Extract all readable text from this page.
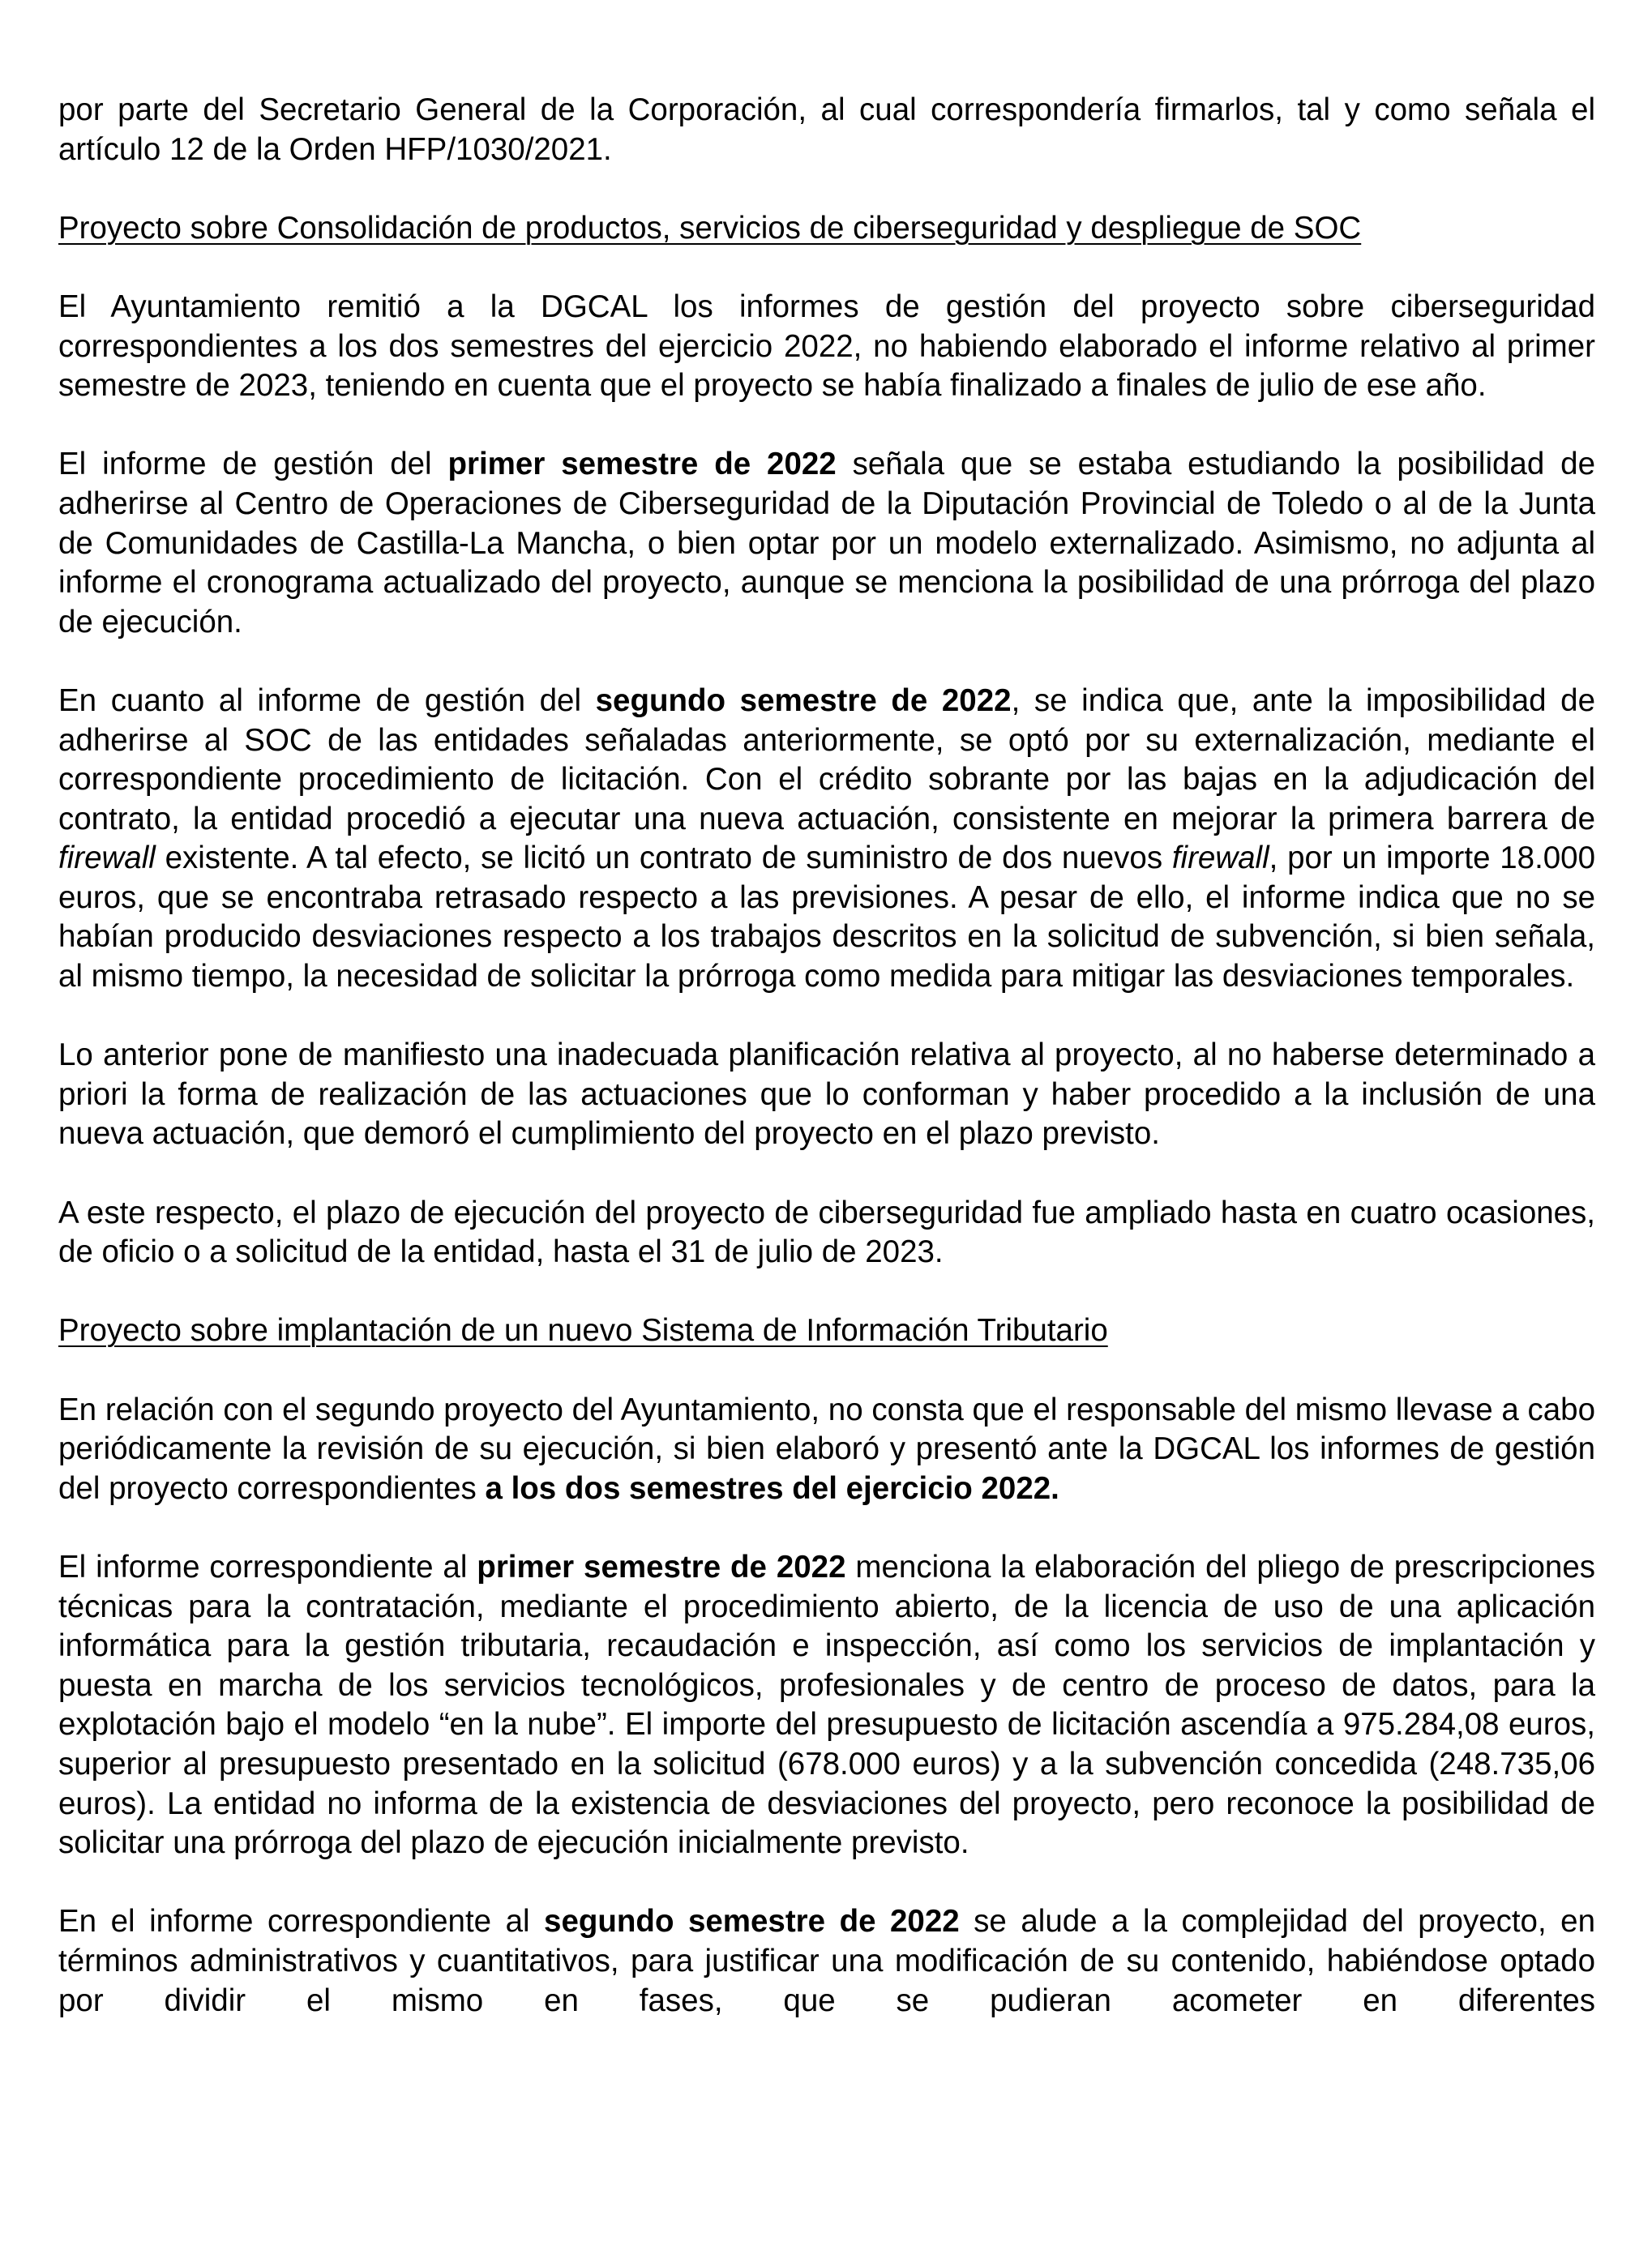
por parte del Secretario General de la Corporación, al cual correspondería firmarlos, tal y como señala el artículo 12 de la Orden HFP/1030/2021.

Proyecto sobre Consolidación de productos, servicios de ciberseguridad y despliegue de SOC

El Ayuntamiento remitió a la DGCAL los informes de gestión del proyecto sobre ciberseguridad correspondientes a los dos semestres del ejercicio 2022, no habiendo elaborado el informe relativo al primer semestre de 2023, teniendo en cuenta que el proyecto se había finalizado a finales de julio de ese año.

El informe de gestión del primer semestre de 2022 señala que se estaba estudiando la posibilidad de adherirse al Centro de Operaciones de Ciberseguridad de la Diputación Provincial de Toledo o al de la Junta de Comunidades de Castilla-La Mancha, o bien optar por un modelo externalizado. Asimismo, no adjunta al informe el cronograma actualizado del proyecto, aunque se menciona la posibilidad de una prórroga del plazo de ejecución.

En cuanto al informe de gestión del segundo semestre de 2022, se indica que, ante la imposibilidad de adherirse al SOC de las entidades señaladas anteriormente, se optó por su externalización, mediante el correspondiente procedimiento de licitación. Con el crédito sobrante por las bajas en la adjudicación del contrato, la entidad procedió a ejecutar una nueva actuación, consistente en mejorar la primera barrera de firewall existente. A tal efecto, se licitó un contrato de suministro de dos nuevos firewall, por un importe 18.000 euros, que se encontraba retrasado respecto a las previsiones. A pesar de ello, el informe indica que no se habían producido desviaciones respecto a los trabajos descritos en la solicitud de subvención, si bien señala, al mismo tiempo, la necesidad de solicitar la prórroga como medida para mitigar las desviaciones temporales.

Lo anterior pone de manifiesto una inadecuada planificación relativa al proyecto, al no haberse determinado a priori la forma de realización de las actuaciones que lo conforman y haber procedido a la inclusión de una nueva actuación, que demoró el cumplimiento del proyecto en el plazo previsto.

A este respecto, el plazo de ejecución del proyecto de ciberseguridad fue ampliado hasta en cuatro ocasiones, de oficio o a solicitud de la entidad, hasta el 31 de julio de 2023.

Proyecto sobre implantación de un nuevo Sistema de Información Tributario

En relación con el segundo proyecto del Ayuntamiento, no consta que el responsable del mismo llevase a cabo periódicamente la revisión de su ejecución, si bien elaboró y presentó ante la DGCAL los informes de gestión del proyecto correspondientes a los dos semestres del ejercicio 2022.

El informe correspondiente al primer semestre de 2022 menciona la elaboración del pliego de prescripciones técnicas para la contratación, mediante el procedimiento abierto, de la licencia de uso de una aplicación informática para la gestión tributaria, recaudación e inspección, así como los servicios de implantación y puesta en marcha de los servicios tecnológicos, profesionales y de centro de proceso de datos, para la explotación bajo el modelo “en la nube”. El importe del presupuesto de licitación ascendía a 975.284,08 euros, superior al presupuesto presentado en la solicitud (678.000 euros) y a la subvención concedida (248.735,06 euros). La entidad no informa de la existencia de desviaciones del proyecto, pero reconoce la posibilidad de solicitar una prórroga del plazo de ejecución inicialmente previsto.

En el informe correspondiente al segundo semestre de 2022 se alude a la complejidad del proyecto, en términos administrativos y cuantitativos, para justificar una modificación de su contenido, habiéndose optado por dividir el mismo en fases, que se pudieran acometer en diferentes
